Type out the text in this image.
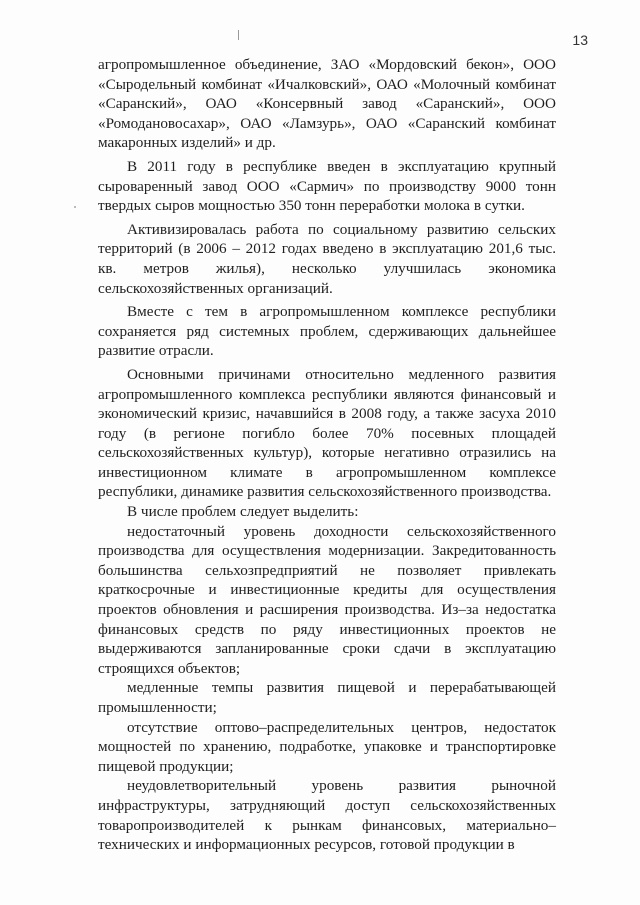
13

агропромышленное объединение, ЗАО «Мордовский бекон», ООО «Сыродельный комбинат «Ичалковский», ОАО «Молочный комбинат «Саранский», ОАО «Консервный завод «Саранский», ООО «Ромодановосахар», ОАО «Ламзурь», ОАО «Саранский комбинат макаронных изделий» и др.

В 2011 году в республике введен в эксплуатацию крупный сыроваренный завод ООО «Сармич» по производству 9000 тонн твердых сыров мощностью 350 тонн переработки молока в сутки.

Активизировалась работа по социальному развитию сельских территорий (в 2006 – 2012 годах введено в эксплуатацию 201,6 тыс. кв. метров жилья), несколько улучшилась экономика сельскохозяйственных организаций.

Вместе с тем в агропромышленном комплексе республики сохраняется ряд системных проблем, сдерживающих дальнейшее развитие отрасли.

Основными причинами относительно медленного развития агропромышленного комплекса республики являются финансовый и экономический кризис, начавшийся в 2008 году, а также засуха 2010 году (в регионе погибло более 70% посевных площадей сельскохозяйственных культур), которые негативно отразились на инвестиционном климате в агропромышленном комплексе республики, динамике развития сельскохозяйственного производства.

В числе проблем следует выделить:

недостаточный уровень доходности сельскохозяйственного производства для осуществления модернизации. Закредитованность большинства сельхозпредприятий не позволяет привлекать краткосрочные и инвестиционные кредиты для осуществления проектов обновления и расширения производства. Из–за недостатка финансовых средств по ряду инвестиционных проектов не выдерживаются запланированные сроки сдачи в эксплуатацию строящихся объектов;

медленные темпы развития пищевой и перерабатывающей промышленности;

отсутствие оптово–распределительных центров, недостаток мощностей по хранению, подработке, упаковке и транспортировке пищевой продукции;

неудовлетворительный уровень развития рыночной инфраструктуры, затрудняющий доступ сельскохозяйственных товаропроизводителей к рынкам финансовых, материально–технических и информационных ресурсов, готовой продукции в
